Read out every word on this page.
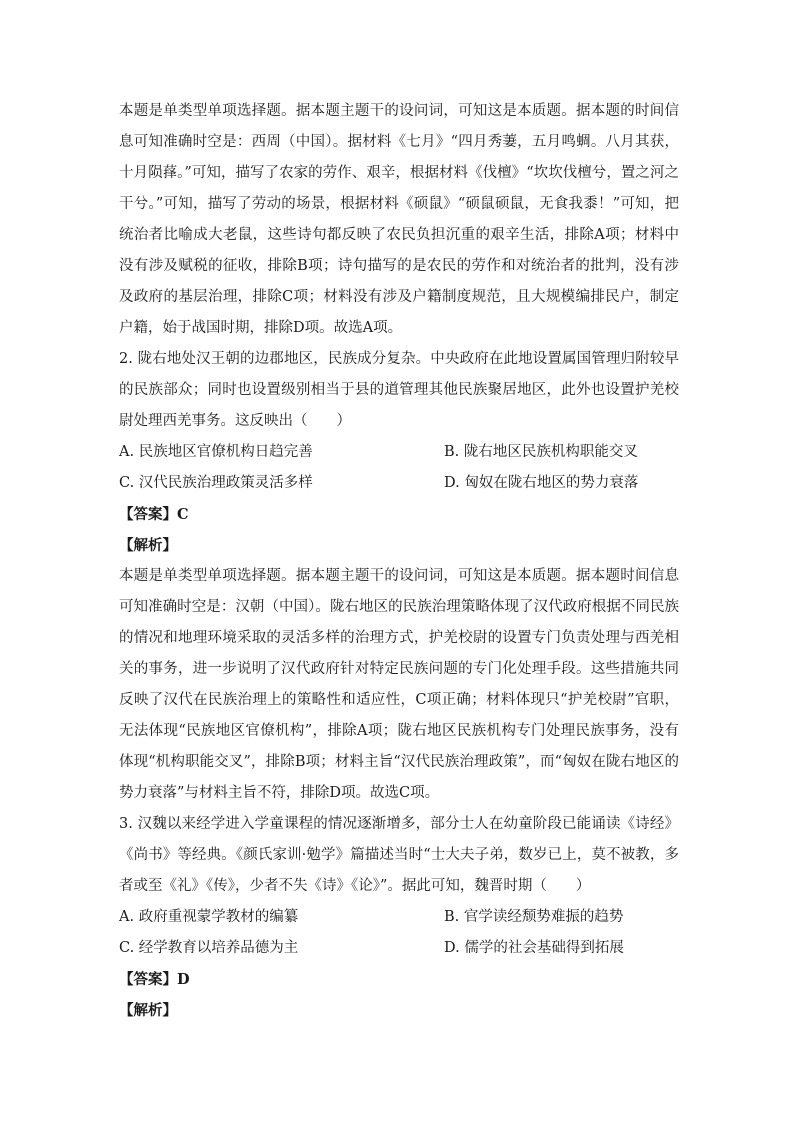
本题是单类型单项选择题。据本题主题干的设问词，可知这是本质题。据本题的时间信息可知准确时空是：西周（中国）。据材料《七月》“四月秀萋，五月鸣蜩。八月其获，十月陨萚。”可知，描写了农家的劳作、艰辛，根据材料《伐檀》“坎坎伐檀兮，置之河之干兮。”可知，描写了劳动的场景，根据材料《硕鼠》“硕鼠硕鼠，无食我黍！”可知，把统治者比喻成大老鼠，这些诗句都反映了农民负担沉重的艰辛生活，排除A项；材料中没有涉及赋税的征收，排除B项；诗句描写的是农民的劳作和对统治者的批判，没有涉及政府的基层治理，排除C项；材料没有涉及户籍制度规范，且大规模编排民户，制定户籍，始于战国时期，排除D项。故选A项。

2. 陇右地处汉王朝的边郡地区，民族成分复杂。中央政府在此地设置属国管理归附较早的民族部众；同时也设置级别相当于县的道管理其他民族聚居地区，此外也设置护羌校尉处理西羌事务。这反映出（　　）

A. 民族地区官僚机构日趋完善	B. 陇右地区民族机构职能交叉
C. 汉代民族治理政策灵活多样	D. 匈奴在陇右地区的势力衰落

【答案】C

【解析】

本题是单类型单项选择题。据本题主题干的设问词，可知这是本质题。据本题时间信息可知准确时空是：汉朝（中国）。陇右地区的民族治理策略体现了汉代政府根据不同民族的情况和地理环境采取的灵活多样的治理方式，护羌校尉的设置专门负责处理与西羌相关的事务，进一步说明了汉代政府针对特定民族问题的专门化处理手段。这些措施共同反映了汉代在民族治理上的策略性和适应性，C项正确；材料体现只“护羌校尉”官职，无法体现“民族地区官僚机构”，排除A项；陇右地区民族机构专门处理民族事务，没有体现“机构职能交叉”，排除B项；材料主旨“汉代民族治理政策”，而“匈奴在陇右地区的势力衰落”与材料主旨不符，排除D项。故选C项。

3. 汉魏以来经学进入学童课程的情况逐渐增多，部分士人在幼童阶段已能诵读《诗经》《尚书》等经典。《颜氏家训·勉学》篇描述当时“士大夫子弟，数岁已上，莫不被教，多者或至《礼》《传》，少者不失《诗》《论》”。据此可知，魏晋时期（　　）

A. 政府重视蒙学教材的编纂	B. 官学读经颓势难振的趋势
C. 经学教育以培养品德为主	D. 儒学的社会基础得到拓展

【答案】D

【解析】
